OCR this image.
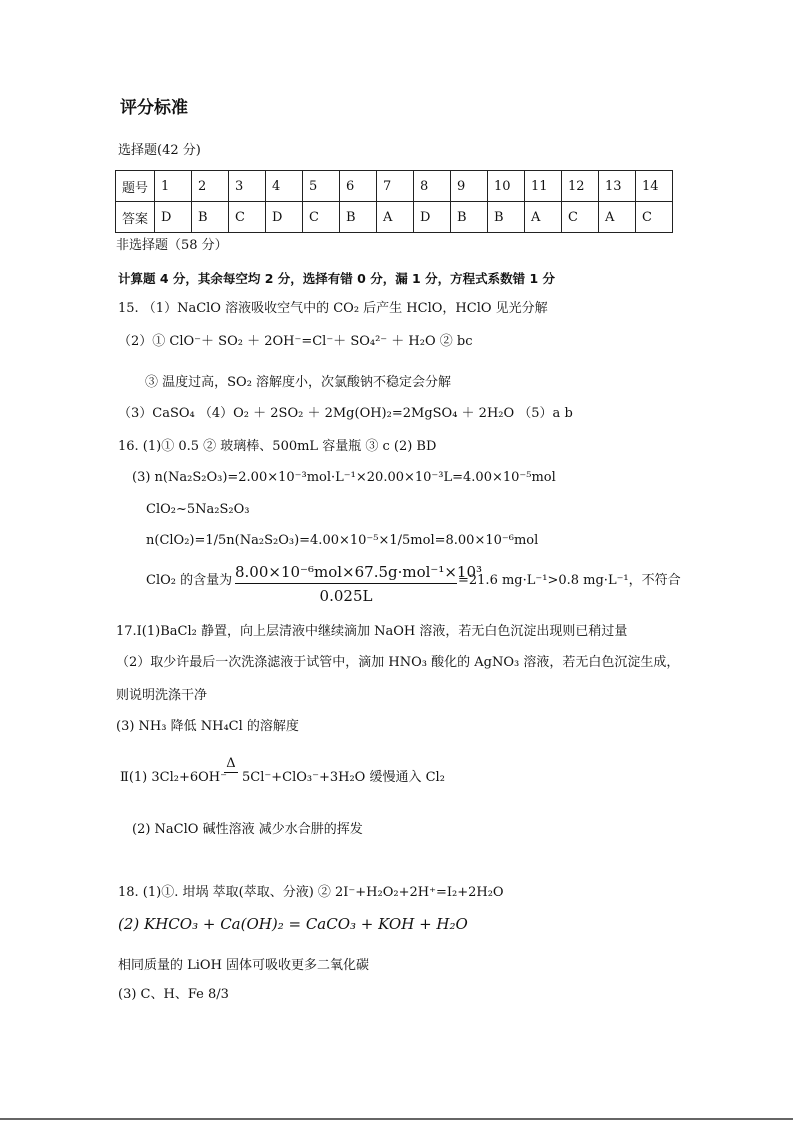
评分标准
选择题(42 分)
题号	1	2	3	4	5	6	7	8	9	10	11	12	13	14
答案	D	B	C	D	C	B	A	D	B	B	A	C	A	C
非选择题（58 分）
计算题 4 分，其余每空均 2 分，选择有错 0 分，漏 1 分，方程式系数错 1 分
15. （1）NaClO 溶液吸收空气中的 CO₂ 后产生 HClO，HClO 见光分解
（2）① ClO⁻＋ SO₂ ＋ 2OH⁻=Cl⁻＋ SO₄²⁻ ＋ H₂O ② bc
③ 温度过高，SO₂ 溶解度小，次氯酸钠不稳定会分解
（3）CaSO₄ （4）O₂ ＋ 2SO₂ ＋ 2Mg(OH)₂=2MgSO₄ ＋ 2H₂O （5）a b
16. (1)① 0.5 ② 玻璃棒、500mL 容量瓶 ③ c (2) BD
(3) n(Na₂S₂O₃)=2.00×10⁻³mol·L⁻¹×20.00×10⁻³L=4.00×10⁻⁵mol
ClO₂~5Na₂S₂O₃
n(ClO₂)=1/5n(Na₂S₂O₃)=4.00×10⁻⁵×1/5mol=8.00×10⁻⁶mol
ClO₂ 的含量为 8.00×10⁻⁶mol×67.5g·mol⁻¹×10³
0.025L
=21.6 mg·L⁻¹>0.8 mg·L⁻¹，不符合
17.Ⅰ(1)BaCl₂ 静置，向上层清液中继续滴加 NaOH 溶液，若无白色沉淀出现则已稍过量
（2）取少许最后一次洗涤滤液于试管中，滴加 HNO₃ 酸化的 AgNO₃ 溶液，若无白色沉淀生成，
则说明洗涤干净
(3) NH₃ 降低 NH₄Cl 的溶解度
Ⅱ(1) 3Cl₂+6OH⁻
Δ
5Cl⁻+ClO₃⁻+3H₂O 缓慢通入 Cl₂
(2) NaClO 碱性溶液 减少水合肼的挥发
18. (1)①. 坩埚 萃取(萃取、分液) ② 2I⁻+H₂O₂+2H⁺=I₂+2H₂O
(2) KHCO₃ + Ca(OH)₂ = CaCO₃ + KOH + H₂O
相同质量的 LiOH 固体可吸收更多二氧化碳
(3) C、H、Fe 8/3
